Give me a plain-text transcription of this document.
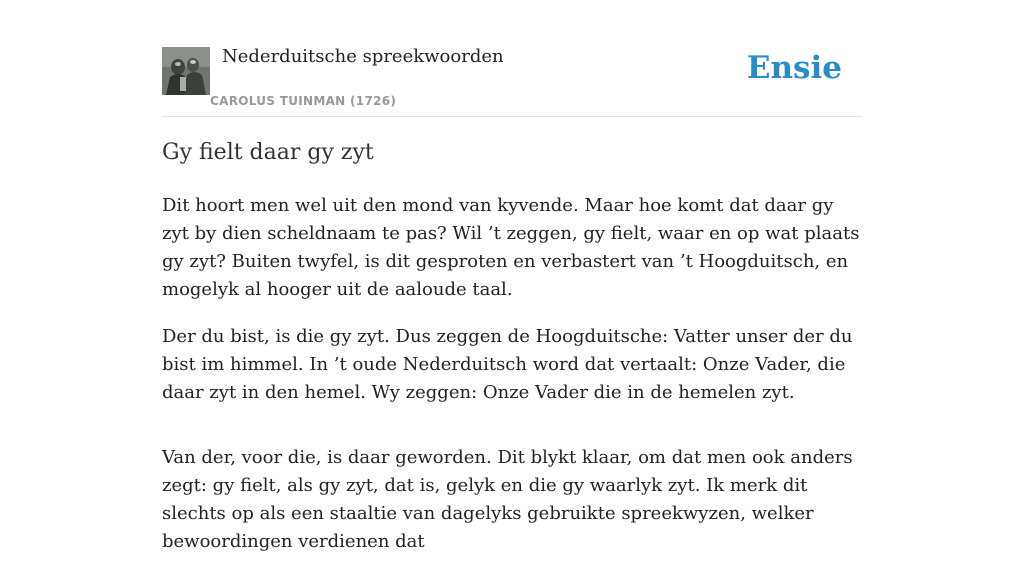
Nederduitsche spreekwoorden
CAROLUS TUINMAN (1726)
Ensie
Gy fielt daar gy zyt

Dit hoort men wel uit den mond van kyvende. Maar hoe komt dat daar gy zyt by dien scheldnaam te pas? Wil ’t zeggen, gy fielt, waar en op wat plaats gy zyt? Buiten twyfel, is dit gesproten en verbastert van ’t Hoogduitsch, en mogelyk al hooger uit de aaloude taal.

Der du bist, is die gy zyt. Dus zeggen de Hoogduitsche: Vatter unser der du bist im himmel. In ’t oude Nederduitsch word dat vertaalt: Onze Vader, die daar zyt in den hemel. Wy zeggen: Onze Vader die in de hemelen zyt.

Van der, voor die, is daar geworden. Dit blykt klaar, om dat men ook anders zegt: gy fielt, als gy zyt, dat is, gelyk en die gy waarlyk zyt. Ik merk dit slechts op als een staaltie van dagelyks gebruikte spreekwyzen, welker bewoordingen verdienen dat
